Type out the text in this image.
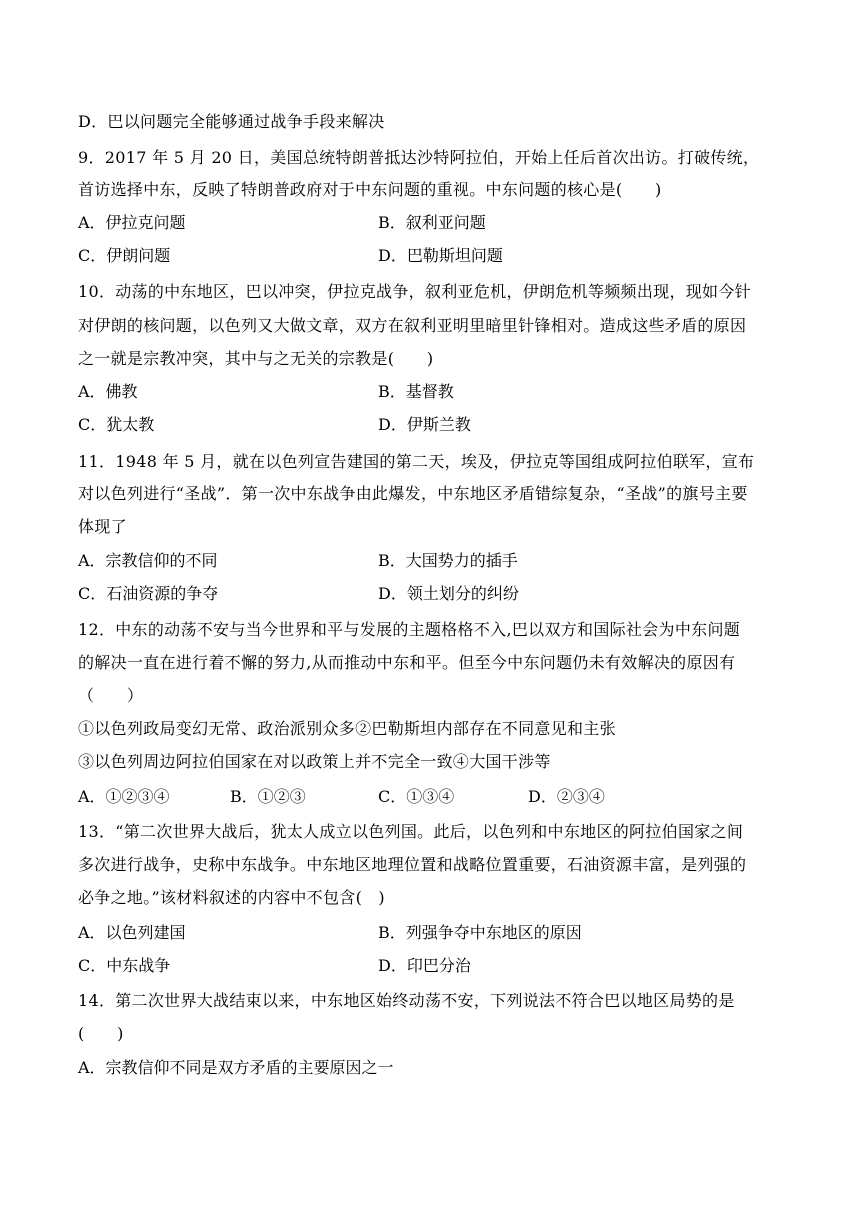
D．巴以问题完全能够通过战争手段来解决
9．2017 年 5 月 20 日，美国总统特朗普抵达沙特阿拉伯，开始上任后首次出访。打破传统，
首访选择中东，反映了特朗普政府对于中东问题的重视。中东问题的核心是(　　)
A．伊拉克问题	B．叙利亚问题
C．伊朗问题	D．巴勒斯坦问题
10．动荡的中东地区，巴以冲突，伊拉克战争，叙利亚危机，伊朗危机等频频出现，现如今针
对伊朗的核问题，以色列又大做文章，双方在叙利亚明里暗里针锋相对。造成这些矛盾的原因
之一就是宗教冲突，其中与之无关的宗教是(　　)
A．佛教	B．基督教
C．犹太教	D．伊斯兰教
11．1948 年 5 月，就在以色列宣告建国的第二天，埃及，伊拉克等国组成阿拉伯联军，宣布
对以色列进行“圣战”．第一次中东战争由此爆发，中东地区矛盾错综复杂，“圣战”的旗号主要
体现了
A．宗教信仰的不同	B．大国势力的插手
C．石油资源的争夺	D．领土划分的纠纷
12．中东的动荡不安与当今世界和平与发展的主题格格不入,巴以双方和国际社会为中东问题
的解决一直在进行着不懈的努力,从而推动中东和平。但至今中东问题仍未有效解决的原因有
（　　）
①以色列政局变幻无常、政治派别众多②巴勒斯坦内部存在不同意见和主张
③以色列周边阿拉伯国家在对以政策上并不完全一致④大国干涉等
A．①②③④	B．①②③	C．①③④	D．②③④
13．“第二次世界大战后，犹太人成立以色列国。此后，以色列和中东地区的阿拉伯国家之间
多次进行战争，史称中东战争。中东地区地理位置和战略位置重要，石油资源丰富，是列强的
必争之地。”该材料叙述的内容中不包含(　)
A．以色列建国	B．列强争夺中东地区的原因
C．中东战争	D．印巴分治
14．第二次世界大战结束以来，中东地区始终动荡不安，下列说法不符合巴以地区局势的是
(　　)
A．宗教信仰不同是双方矛盾的主要原因之一
